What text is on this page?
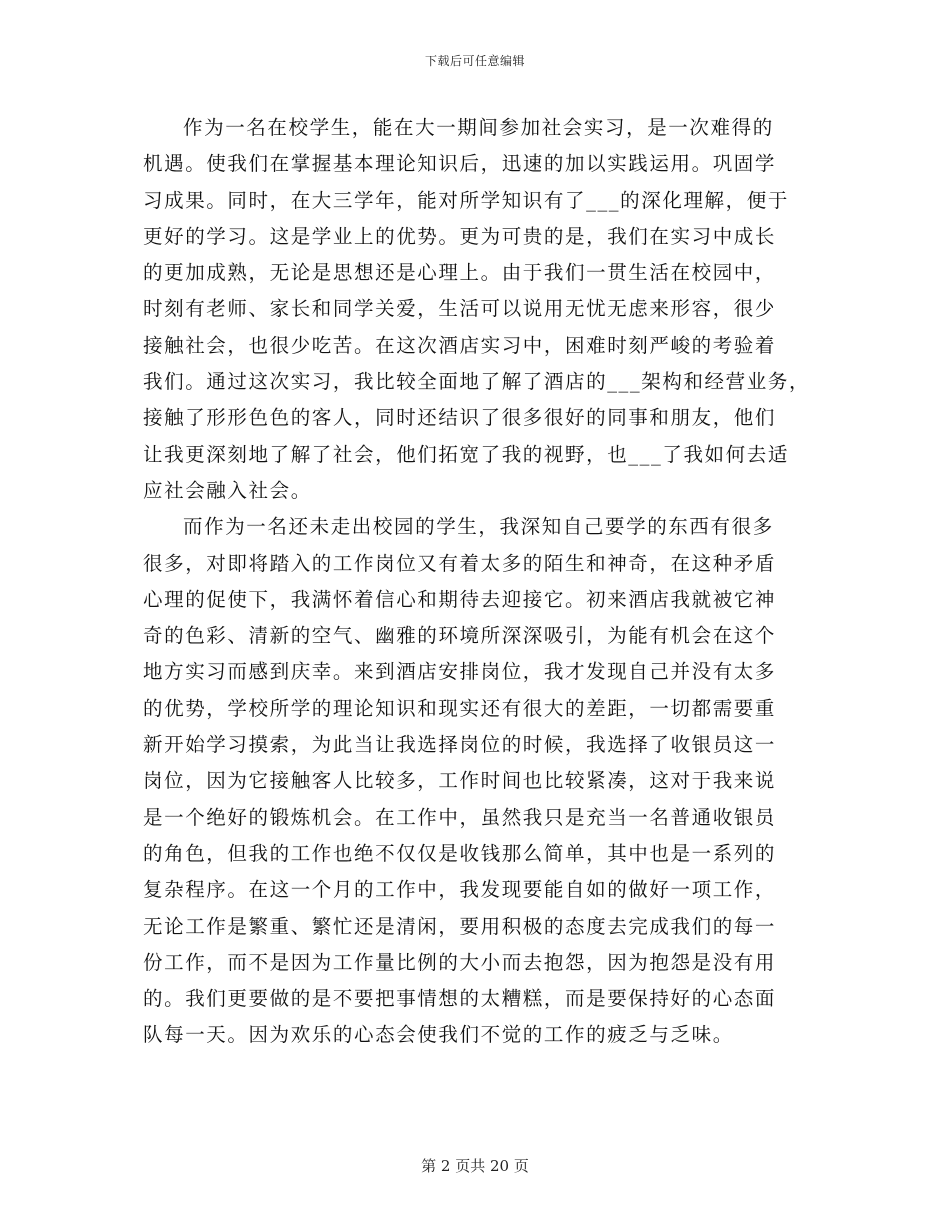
下载后可任意编辑
作为一名在校学生，能在大一期间参加社会实习，是一次难得的
机遇。使我们在掌握基本理论知识后，迅速的加以实践运用。巩固学
习成果。同时，在大三学年，能对所学知识有了___的深化理解，便于
更好的学习。这是学业上的优势。更为可贵的是，我们在实习中成长
的更加成熟，无论是思想还是心理上。由于我们一贯生活在校园中，
时刻有老师、家长和同学关爱，生活可以说用无忧无虑来形容，很少
接触社会，也很少吃苦。在这次酒店实习中，困难时刻严峻的考验着
我们。通过这次实习，我比较全面地了解了酒店的___架构和经营业务，
接触了形形色色的客人，同时还结识了很多很好的同事和朋友，他们
让我更深刻地了解了社会，他们拓宽了我的视野，也___了我如何去适
应社会融入社会。
而作为一名还未走出校园的学生，我深知自己要学的东西有很多
很多，对即将踏入的工作岗位又有着太多的陌生和神奇，在这种矛盾
心理的促使下，我满怀着信心和期待去迎接它。初来酒店我就被它神
奇的色彩、清新的空气、幽雅的环境所深深吸引，为能有机会在这个
地方实习而感到庆幸。来到酒店安排岗位，我才发现自己并没有太多
的优势，学校所学的理论知识和现实还有很大的差距，一切都需要重
新开始学习摸索，为此当让我选择岗位的时候，我选择了收银员这一
岗位，因为它接触客人比较多，工作时间也比较紧凑，这对于我来说
是一个绝好的锻炼机会。在工作中，虽然我只是充当一名普通收银员
的角色，但我的工作也绝不仅仅是收钱那么简单，其中也是一系列的
复杂程序。在这一个月的工作中，我发现要能自如的做好一项工作，
无论工作是繁重、繁忙还是清闲，要用积极的态度去完成我们的每一
份工作，而不是因为工作量比例的大小而去抱怨，因为抱怨是没有用
的。我们更要做的是不要把事情想的太糟糕，而是要保持好的心态面
队每一天。因为欢乐的心态会使我们不觉的工作的疲乏与乏味。
第 2 页共 20 页
